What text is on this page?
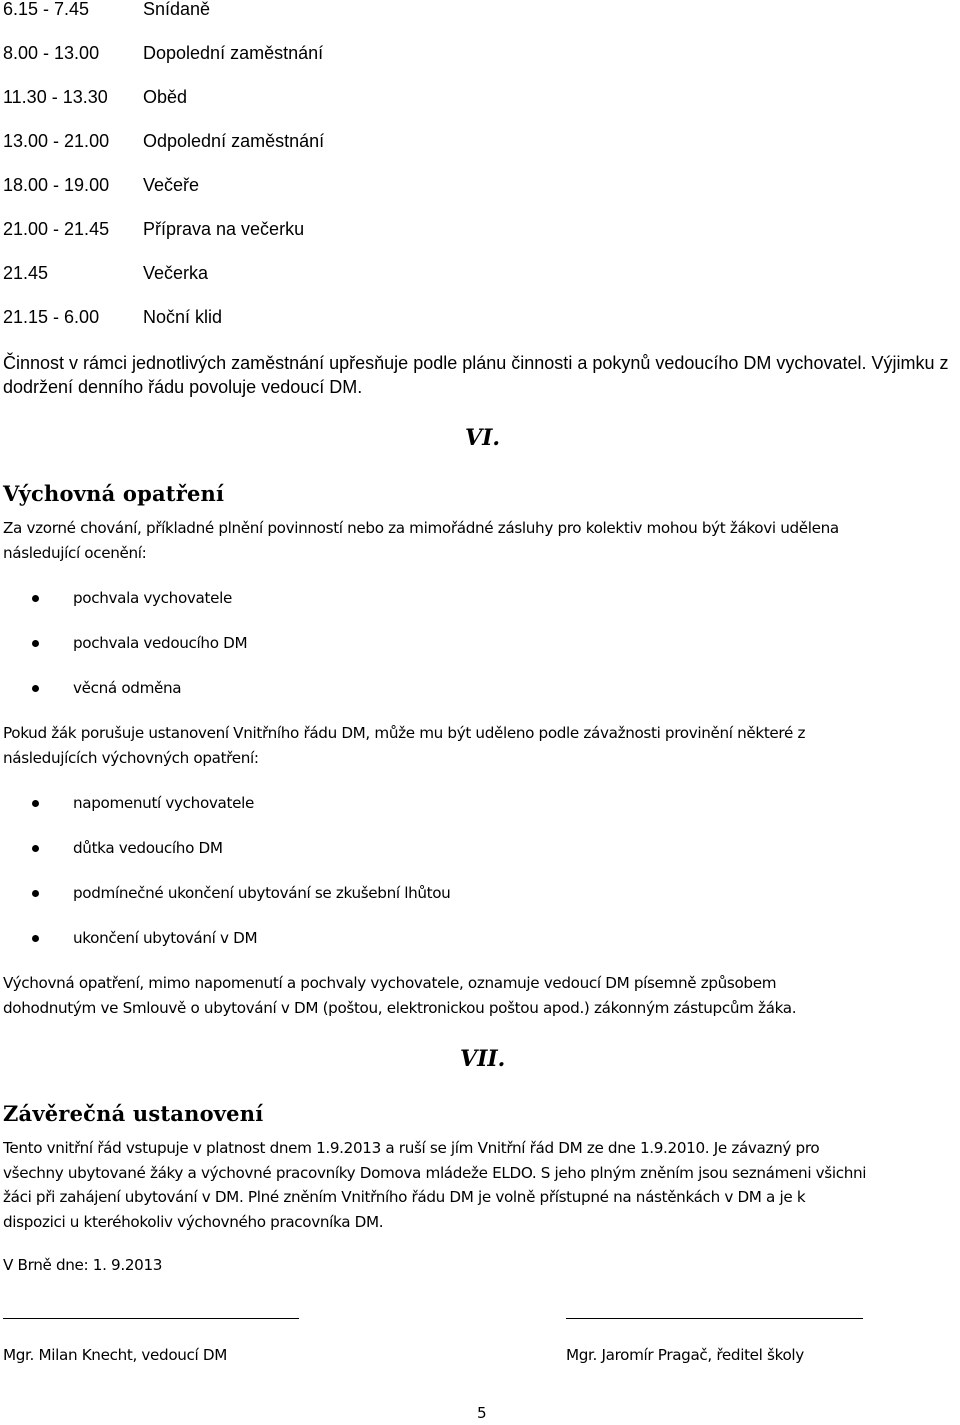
6.15 - 7.45	Snídaně
8.00 - 13.00 Dopolední zaměstnání
11.30 - 13.30 Oběd
13.00 - 21.00 Odpolední zaměstnání
18.00 - 19.00 Večeře
21.00 - 21.45 Příprava na večerku
21.45	Večerka
21.15 - 6.00 Noční klid
Činnost v rámci jednotlivých zaměstnání upřesňuje podle plánu činnosti a pokynů vedoucího DM vychovatel. Výjimku z
dodržení denního řádu povoluje vedoucí DM.
VI.
Výchovná opatření
Za vzorné chování, příkladné plnění povinností nebo za mimořádné zásluhy pro kolektiv mohou být žákovi udělena
následující ocenění:
pochvala vychovatele
pochvala vedoucího DM
věcná odměna
Pokud žák porušuje ustanovení Vnitřního řádu DM, může mu být uděleno podle závažnosti provinění některé z
následujících výchovných opatření:
napomenutí vychovatele
důtka vedoucího DM
podmínečné ukončení ubytování se zkušební lhůtou
ukončení ubytování v DM
Výchovná opatření, mimo napomenutí a pochvaly vychovatele, oznamuje vedoucí DM písemně způsobem
dohodnutým ve Smlouvě o ubytování v DM (poštou, elektronickou poštou apod.) zákonným zástupcům žáka.
VII.
Závěrečná ustanovení
Tento vnitřní řád vstupuje v platnost dnem 1.9.2013 a ruší se jím Vnitřní řád DM ze dne 1.9.2010. Je závazný pro
všechny ubytované žáky a výchovné pracovníky Domova mládeže ELDO. S jeho plným zněním jsou seznámeni všichni
žáci při zahájení ubytování v DM. Plné zněním Vnitřního řádu DM je volně přístupné na nástěnkách v DM a je k
dispozici u kteréhokoliv výchovného pracovníka DM.
V Brně dne: 1. 9.2013
Mgr. Milan Knecht, vedoucí DM	Mgr. Jaromír Pragač, ředitel školy
5
